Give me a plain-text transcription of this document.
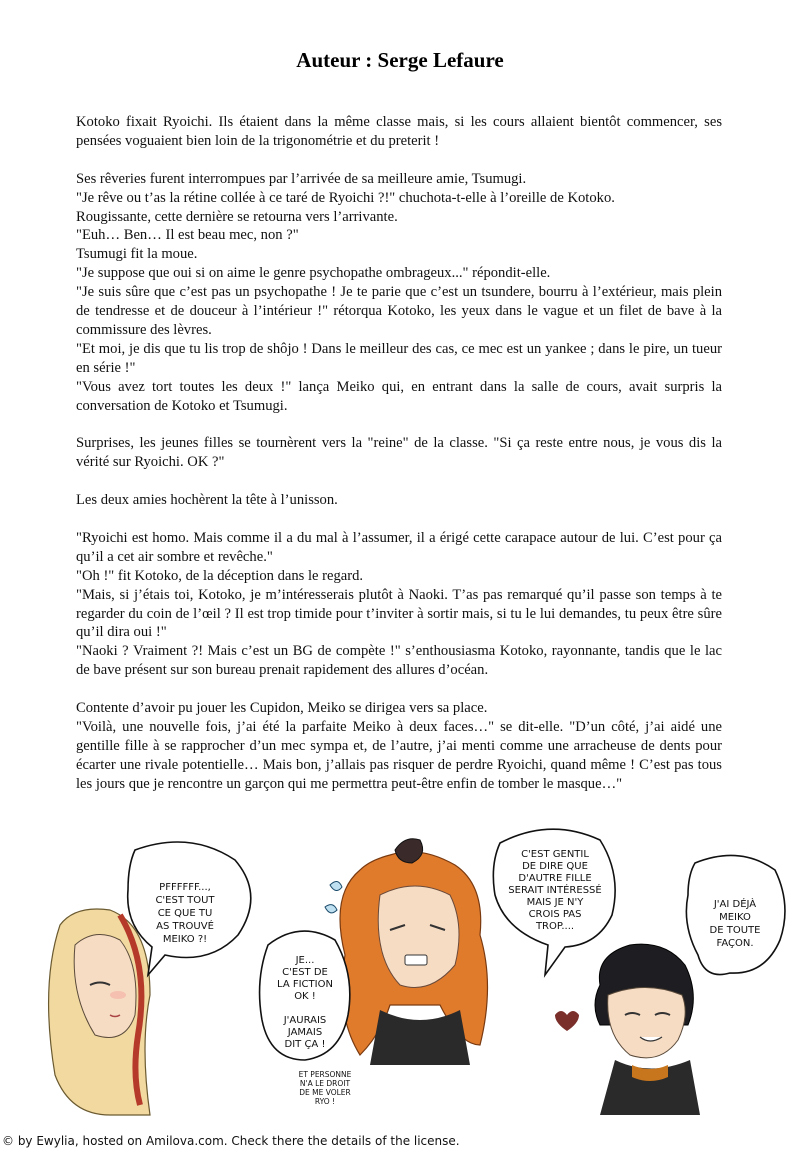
Auteur : Serge Lefaure

Kotoko fixait Ryoichi. Ils étaient dans la même classe mais, si les cours allaient bientôt commencer, ses pensées voguaient bien loin de la trigonométrie et du preterit !

Ses rêveries furent interrompues par l’arrivée de sa meilleure amie, Tsumugi.

"Je rêve ou t’as la rétine collée à ce taré de Ryoichi ?!" chuchota-t-elle à l’oreille de Kotoko.

Rougissante, cette dernière se retourna vers l’arrivante.

"Euh… Ben… Il est beau mec, non ?"

Tsumugi fit la moue.

"Je suppose que oui si on aime le genre psychopathe ombrageux..." répondit-elle.

"Je suis sûre que c’est pas un psychopathe ! Je te parie que c’est un tsundere, bourru à l’extérieur, mais plein de tendresse et de douceur à l’intérieur !" rétorqua Kotoko, les yeux dans le vague et un filet de bave à la commissure des lèvres.

"Et moi, je dis que tu lis trop de shôjo ! Dans le meilleur des cas, ce mec est un yankee ; dans le pire, un tueur en série !"

"Vous avez tort toutes les deux !" lança Meiko qui, en entrant dans la salle de cours, avait surpris la conversation de Kotoko et Tsumugi.

Surprises, les jeunes filles se tournèrent vers la "reine" de la classe. "Si ça reste entre nous, je vous dis la vérité sur Ryoichi. OK ?"

Les deux amies hochèrent la tête à l’unisson.

"Ryoichi est homo. Mais comme il a du mal à l’assumer, il a érigé cette carapace autour de lui. C’est pour ça qu’il a cet air sombre et revêche."

"Oh !" fit Kotoko, de la déception dans le regard.

"Mais, si j’étais toi, Kotoko, je m’intéresserais plutôt à Naoki. T’as pas remarqué qu’il passe son temps à te regarder du coin de l’œil ? Il est trop timide pour t’inviter à sortir mais, si tu le lui demandes, tu peux être sûre qu’il dira oui !"

"Naoki ? Vraiment ?! Mais c’est un BG de compète !" s’enthousiasma Kotoko, rayonnante, tandis que le lac de bave présent sur son bureau prenait rapidement des allures d’océan.

Contente d’avoir pu jouer les Cupidon, Meiko se dirigea vers sa place.

"Voilà, une nouvelle fois, j’ai été la parfaite Meiko à deux faces…" se dit-elle. "D’un côté, j’ai aidé une gentille fille à se rapprocher d’un mec sympa et, de l’autre, j’ai menti comme une arracheuse de dents pour écarter une rivale potentielle… Mais bon, j’allais pas risquer de perdre Ryoichi, quand même ! C’est pas tous les jours que je rencontre un garçon qui me permettra peut-être enfin de tomber le masque…"

PFFFFFF..., C'EST TOUT CE QUE TU AS TROUVÉ MEIKO ?!
JE... C'EST DE LA FICTION OK ! J'AURAIS JAMAIS DIT ÇA !
ET PERSONNE N'A LE DROIT DE ME VOLER RYO !
C'EST GENTIL DE DIRE QUE D'AUTRE FILLE SERAIT INTÉRESSÉ MAIS JE N'Y CROIS PAS TROP....
J'AI DÉJÀ MEIKO DE TOUTE FAÇON.
© by Ewylia, hosted on Amilova.com. Check there the details of the license.
